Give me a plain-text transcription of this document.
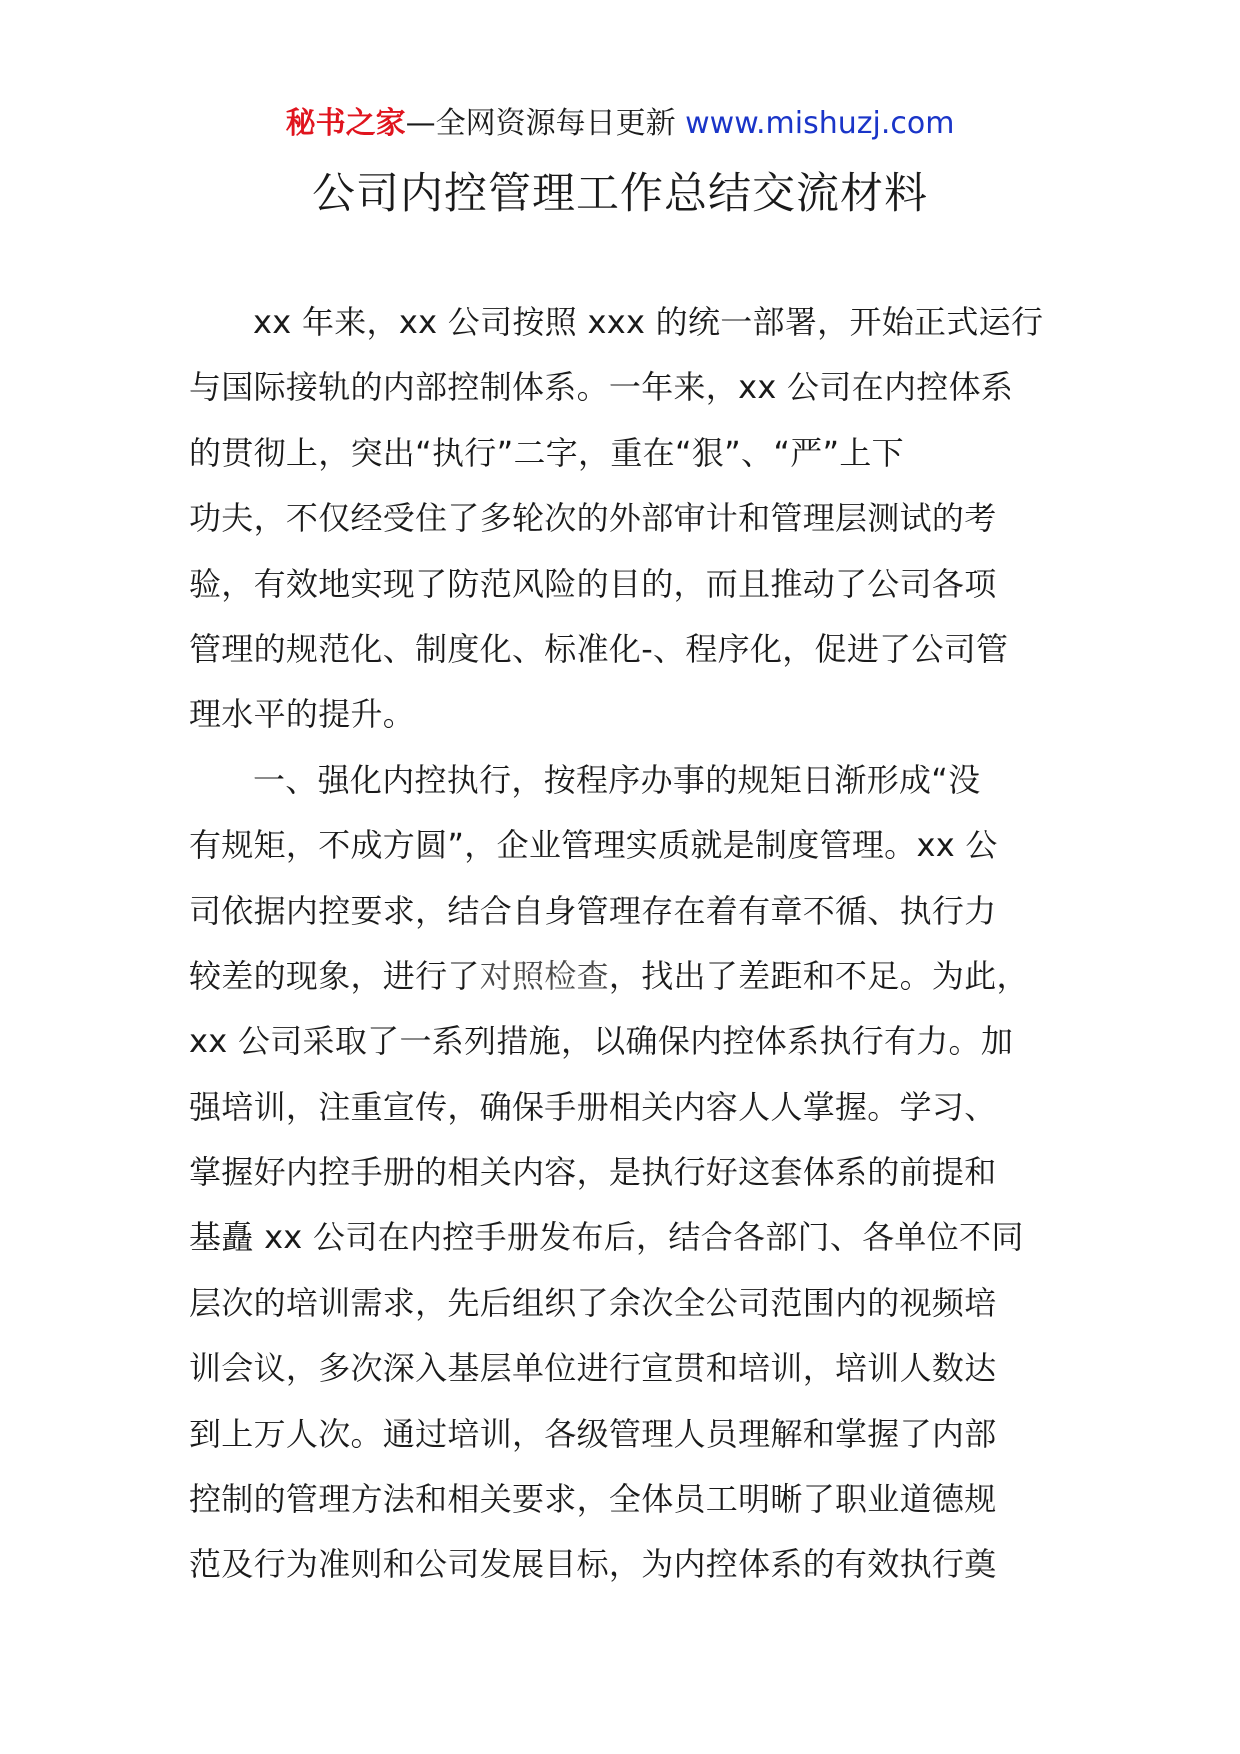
秘书之家—全网资源每日更新 www.mishuzj.com
公司内控管理工作总结交流材料
xx 年来，xx 公司按照 xxx 的统一部署，开始正式运行
与国际接轨的内部控制体系。一年来，xx 公司在内控体系
的贯彻上，突出“执行”二字，重在“狠”、“严”上下
功夫，不仅经受住了多轮次的外部审计和管理层测试的考
验，有效地实现了防范风险的目的，而且推动了公司各项
管理的规范化、制度化、标准化-、程序化，促进了公司管
理水平的提升。
一、强化内控执行，按程序办事的规矩日渐形成“没
有规矩，不成方圆”，企业管理实质就是制度管理。xx 公
司依据内控要求，结合自身管理存在着有章不循、执行力
较差的现象，进行了对照检查，找出了差距和不足。为此，
xx 公司采取了一系列措施，以确保内控体系执行有力。加
强培训，注重宣传，确保手册相关内容人人掌握。学习、
掌握好内控手册的相关内容，是执行好这套体系的前提和
基矗 xx 公司在内控手册发布后，结合各部门、各单位不同
层次的培训需求，先后组织了余次全公司范围内的视频培
训会议，多次深入基层单位进行宣贯和培训，培训人数达
到上万人次。通过培训，各级管理人员理解和掌握了内部
控制的管理方法和相关要求，全体员工明晰了职业道德规
范及行为准则和公司发展目标，为内控体系的有效执行奠
